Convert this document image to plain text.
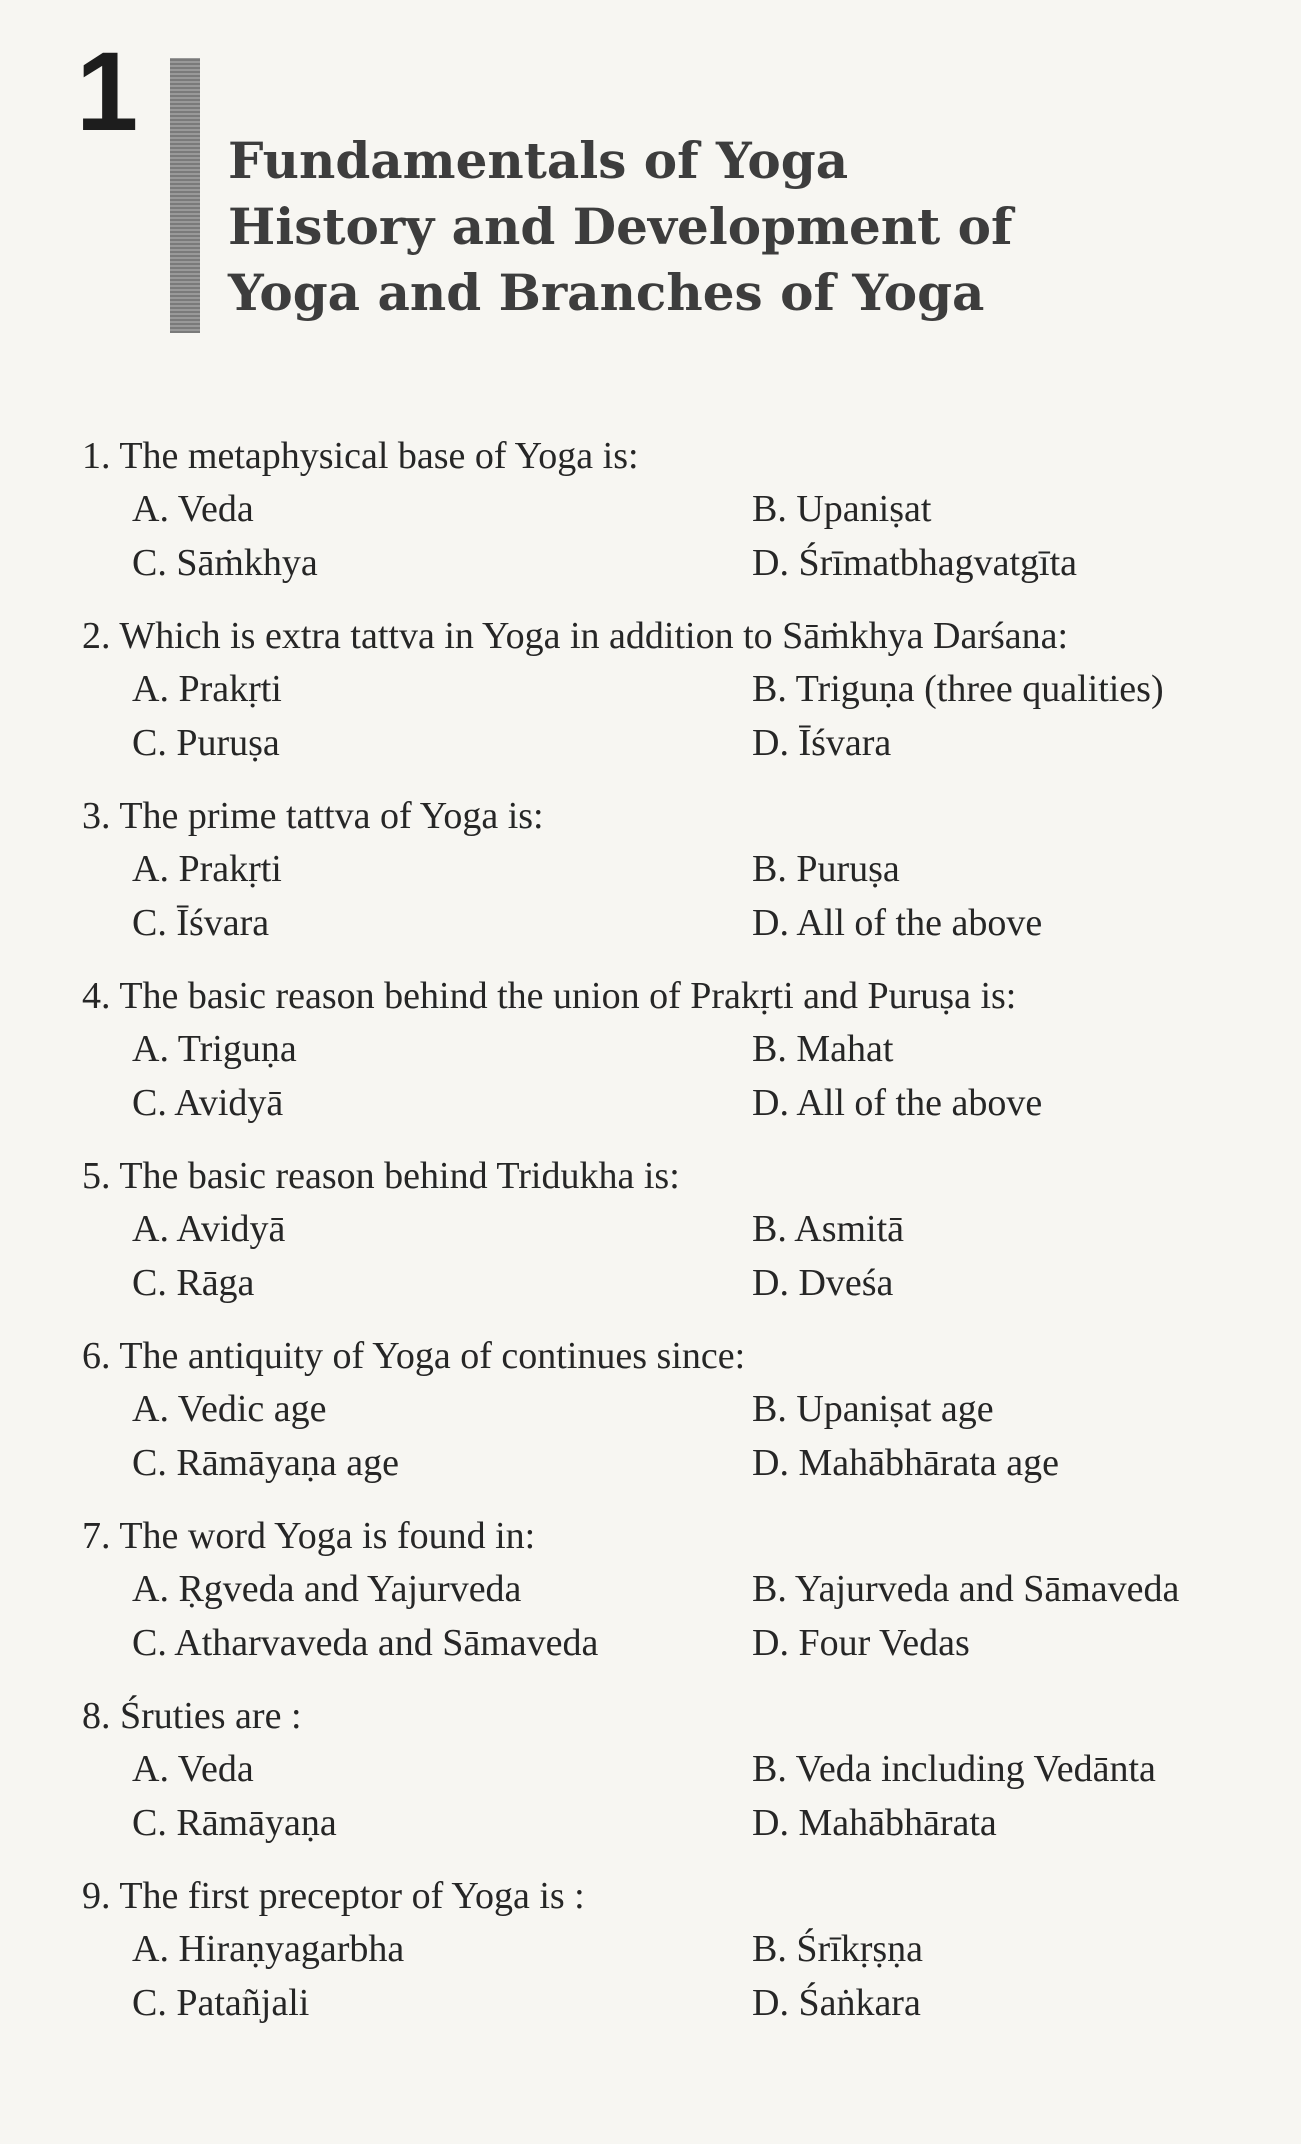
1
Fundamentals of Yoga
History and Development of
Yoga and Branches of Yoga
1. The metaphysical base of Yoga is:
A. Veda	B. Upaniṣat
C. Sāṁkhya	D. Śrīmatbhagvatgīta
2. Which is extra tattva in Yoga in addition to Sāṁkhya Darśana:
A. Prakṛti	B. Triguṇa (three qualities)
C. Puruṣa	D. Īśvara
3. The prime tattva of Yoga is:
A. Prakṛti	B. Puruṣa
C. Īśvara	D. All of the above
4. The basic reason behind the union of Prakṛti and Puruṣa is:
A. Triguṇa	B. Mahat
C. Avidyā	D. All of the above
5. The basic reason behind Tridukha is:
A. Avidyā	B. Asmitā
C. Rāga	D. Dveśa
6. The antiquity of Yoga of continues since:
A. Vedic age	B. Upaniṣat age
C. Rāmāyaṇa age	D. Mahābhārata age
7. The word Yoga is found in:
A. Ṛgveda and Yajurveda	B. Yajurveda and Sāmaveda
C. Atharvaveda and Sāmaveda	D. Four Vedas
8. Śruties are :
A. Veda	B. Veda including Vedānta
C. Rāmāyaṇa	D. Mahābhārata
9. The first preceptor of Yoga is :
A. Hiraṇyagarbha	B. Śrīkṛṣṇa
C. Patañjali	D. Śaṅkara
